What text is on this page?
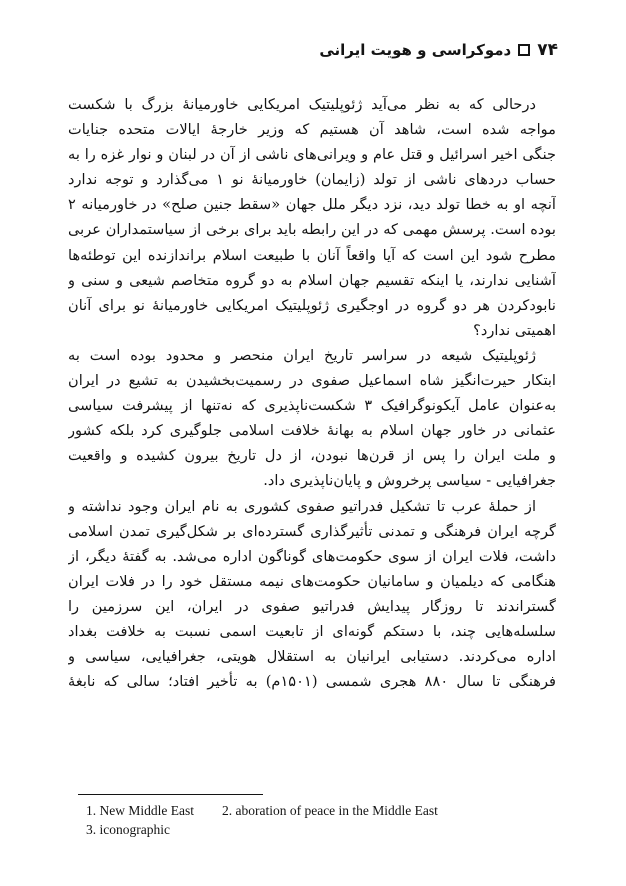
۷۴
دموکراسی و هویت ایرانی
درحالی که به نظر می‌آید ژئوپلیتیک امریکایی خاورمیانهٔ بزرگ با شکست
مواجه شده است، شاهد آن هستیم که وزیر خارجهٔ ایالات متحده جنایات
جنگی اخیر اسرائیل و قتل عام و ویرانی‌های ناشی از آن در لبنان و نوار غزه را به
حساب دردهای ناشی از تولد (زایمان) خاورمیانهٔ نو ۱ می‌گذارد و توجه ندارد
آنچه او به خطا تولد دید، نزد دیگر ملل جهان «سقط جنین صلح» در خاورمیانه ۲
بوده است. پرسش مهمی که در این رابطه باید برای برخی از سیاستمداران عربی
مطرح شود این است که آیا واقعاً آنان با طبیعت اسلام براندازنده این توطئه‌ها
آشنایی ندارند، یا اینکه تقسیم جهان اسلام به دو گروه متخاصم شیعی و سنی و
نابودکردن هر دو گروه در اوجگیری ژئوپلیتیک امریکایی خاورمیانهٔ نو برای آنان
اهمیتی ندارد؟
ژئوپلیتیک شیعه در سراسر تاریخ ایران منحصر و محدود بوده است به
ابتکار حیرت‌انگیز شاه اسماعیل صفوی در رسمیت‌بخشیدن به تشیع در ایران
به‌عنوان عامل آیکونوگرافیک ۳ شکست‌ناپذیری که نه‌تنها از پیشرفت سیاسی
عثمانی در خاور جهان اسلام به بهانهٔ خلافت اسلامی جلوگیری کرد بلکه کشور
و ملت ایران را پس از قرن‌ها نبودن، از دل تاریخ بیرون کشیده و واقعیت
جغرافیایی - سیاسی پرخروش و پایان‌ناپذیری داد.
از حملهٔ عرب تا تشکیل فدراتیو صفوی کشوری به نام ایران وجود نداشته و
گرچه ایران فرهنگی و تمدنی تأثیرگذاری گسترده‌ای بر شکل‌گیری تمدن اسلامی
داشت، فلات ایران از سوی حکومت‌های گوناگون اداره می‌شد. به گفتهٔ دیگر، از
هنگامی که دیلمیان و سامانیان حکومت‌های نیمه مستقل خود را در فلات ایران
گستراندند تا روزگار پیدایش فدراتیو صفوی در ایران، این سرزمین را
سلسله‌هایی چند، با دستکم گونه‌ای از تابعیت اسمی نسبت به خلافت بغداد
اداره می‌کردند. دستیابی ایرانیان به استقلال هویتی، جغرافیایی، سیاسی و
فرهنگی تا سال ۸۸۰ هجری شمسی (۱۵۰۱م) به تأخیر افتاد؛ سالی که نابغهٔ
1. New Middle East 2. aboration of peace in the Middle East
3. iconographic
